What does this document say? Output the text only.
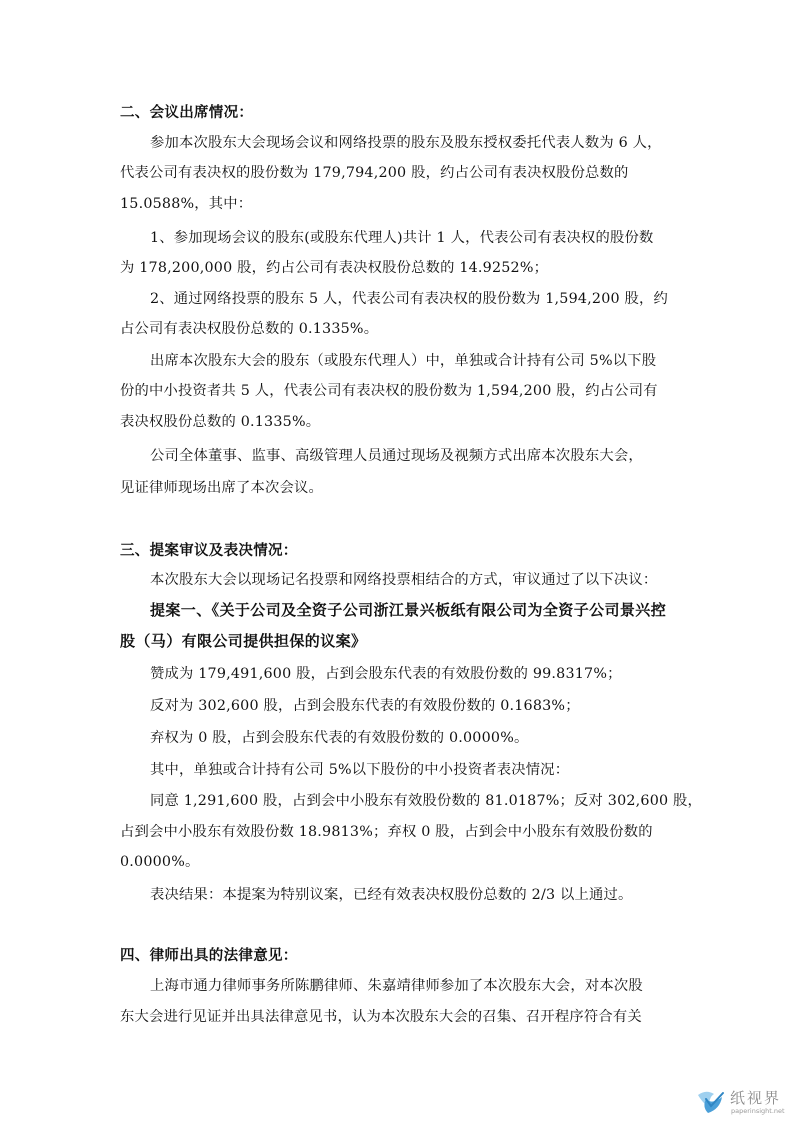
二、会议出席情况：
参加本次股东大会现场会议和网络投票的股东及股东授权委托代表人数为 6 人，
代表公司有表决权的股份数为 179,794,200 股，约占公司有表决权股份总数的
15.0588%，其中：
1、参加现场会议的股东(或股东代理人)共计 1 人，代表公司有表决权的股份数
为 178,200,000 股，约占公司有表决权股份总数的 14.9252%；
2、通过网络投票的股东 5 人，代表公司有表决权的股份数为 1,594,200 股，约
占公司有表决权股份总数的 0.1335%。
出席本次股东大会的股东（或股东代理人）中，单独或合计持有公司 5%以下股
份的中小投资者共 5 人，代表公司有表决权的股份数为 1,594,200 股，约占公司有
表决权股份总数的 0.1335%。
公司全体董事、监事、高级管理人员通过现场及视频方式出席本次股东大会，
见证律师现场出席了本次会议。
三、提案审议及表决情况：
本次股东大会以现场记名投票和网络投票相结合的方式，审议通过了以下决议：
提案一、《关于公司及全资子公司浙江景兴板纸有限公司为全资子公司景兴控
股（马）有限公司提供担保的议案》
赞成为 179,491,600 股，占到会股东代表的有效股份数的 99.8317%；
反对为 302,600 股，占到会股东代表的有效股份数的 0.1683%；
弃权为 0 股，占到会股东代表的有效股份数的 0.0000%。
其中，单独或合计持有公司 5%以下股份的中小投资者表决情况：
同意 1,291,600 股，占到会中小股东有效股份数的 81.0187%；反对 302,600 股，
占到会中小股东有效股份数 18.9813%；弃权 0 股，占到会中小股东有效股份数的
0.0000%。
表决结果：本提案为特别议案，已经有效表决权股份总数的 2/3 以上通过。
四、律师出具的法律意见：
上海市通力律师事务所陈鹏律师、朱嘉靖律师参加了本次股东大会，对本次股
东大会进行见证并出具法律意见书，认为本次股东大会的召集、召开程序符合有关
纸视界
paperinsight.net
